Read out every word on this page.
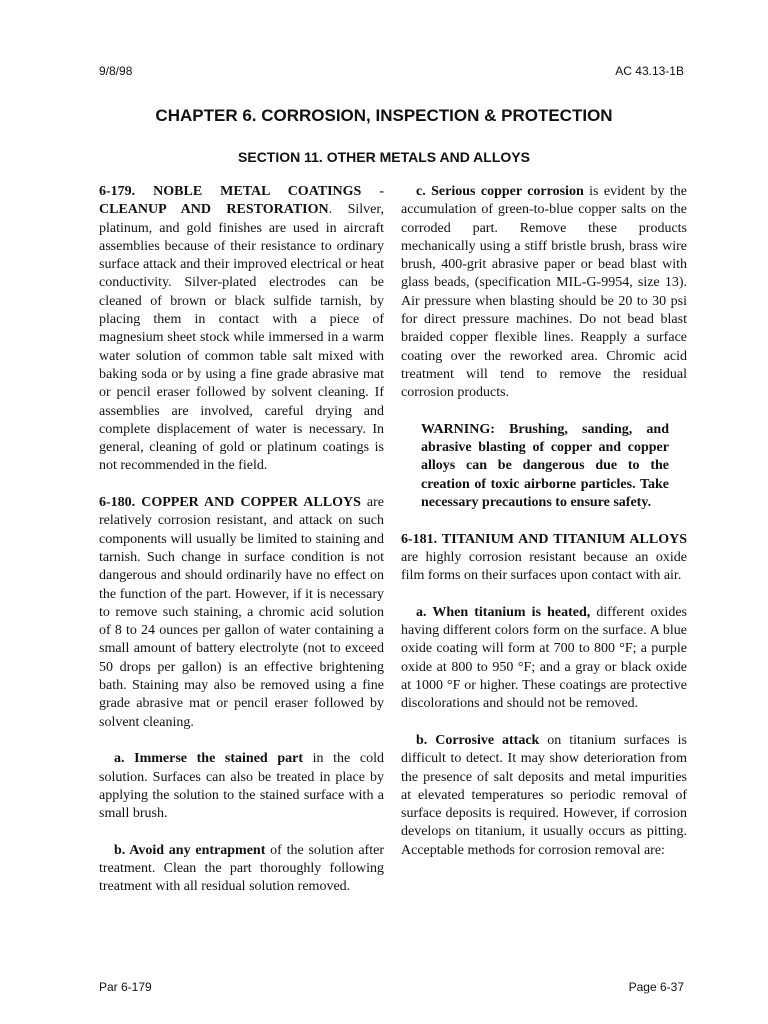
9/8/98	AC 43.13-1B
CHAPTER 6. CORROSION, INSPECTION & PROTECTION
SECTION 11. OTHER METALS AND ALLOYS

6-179. NOBLE METAL COATINGS - CLEANUP AND RESTORATION. Silver, platinum, and gold finishes are used in aircraft assemblies because of their resistance to ordinary surface attack and their improved electrical or heat conductivity. Silver-plated electrodes can be cleaned of brown or black sulfide tarnish, by placing them in contact with a piece of magnesium sheet stock while immersed in a warm water solution of common table salt mixed with baking soda or by using a fine grade abrasive mat or pencil eraser followed by solvent cleaning. If assemblies are involved, careful drying and complete displacement of water is necessary. In general, cleaning of gold or platinum coatings is not recommended in the field.

6-180. COPPER AND COPPER ALLOYS are relatively corrosion resistant, and attack on such components will usually be limited to staining and tarnish. Such change in surface condition is not dangerous and should ordinarily have no effect on the function of the part. However, if it is necessary to remove such staining, a chromic acid solution of 8 to 24 ounces per gallon of water containing a small amount of battery electrolyte (not to exceed 50 drops per gallon) is an effective brightening bath. Staining may also be removed using a fine grade abrasive mat or pencil eraser followed by solvent cleaning.

a. Immerse the stained part in the cold solution. Surfaces can also be treated in place by applying the solution to the stained surface with a small brush.

b. Avoid any entrapment of the solution after treatment. Clean the part thoroughly following treatment with all residual solution removed.

c. Serious copper corrosion is evident by the accumulation of green-to-blue copper salts on the corroded part. Remove these products mechanically using a stiff bristle brush, brass wire brush, 400-grit abrasive paper or bead blast with glass beads, (specification MIL-G-9954, size 13). Air pressure when blasting should be 20 to 30 psi for direct pressure machines. Do not bead blast braided copper flexible lines. Reapply a surface coating over the reworked area. Chromic acid treatment will tend to remove the residual corrosion products.

WARNING: Brushing, sanding, and abrasive blasting of copper and copper alloys can be dangerous due to the creation of toxic airborne particles. Take necessary precautions to ensure safety.

6-181. TITANIUM AND TITANIUM ALLOYS are highly corrosion resistant because an oxide film forms on their surfaces upon contact with air.

a. When titanium is heated, different oxides having different colors form on the surface. A blue oxide coating will form at 700 to 800 °F; a purple oxide at 800 to 950 °F; and a gray or black oxide at 1000 °F or higher. These coatings are protective discolorations and should not be removed.

b. Corrosive attack on titanium surfaces is difficult to detect. It may show deterioration from the presence of salt deposits and metal impurities at elevated temperatures so periodic removal of surface deposits is required. However, if corrosion develops on titanium, it usually occurs as pitting. Acceptable methods for corrosion removal are:

Par 6-179	Page 6-37
